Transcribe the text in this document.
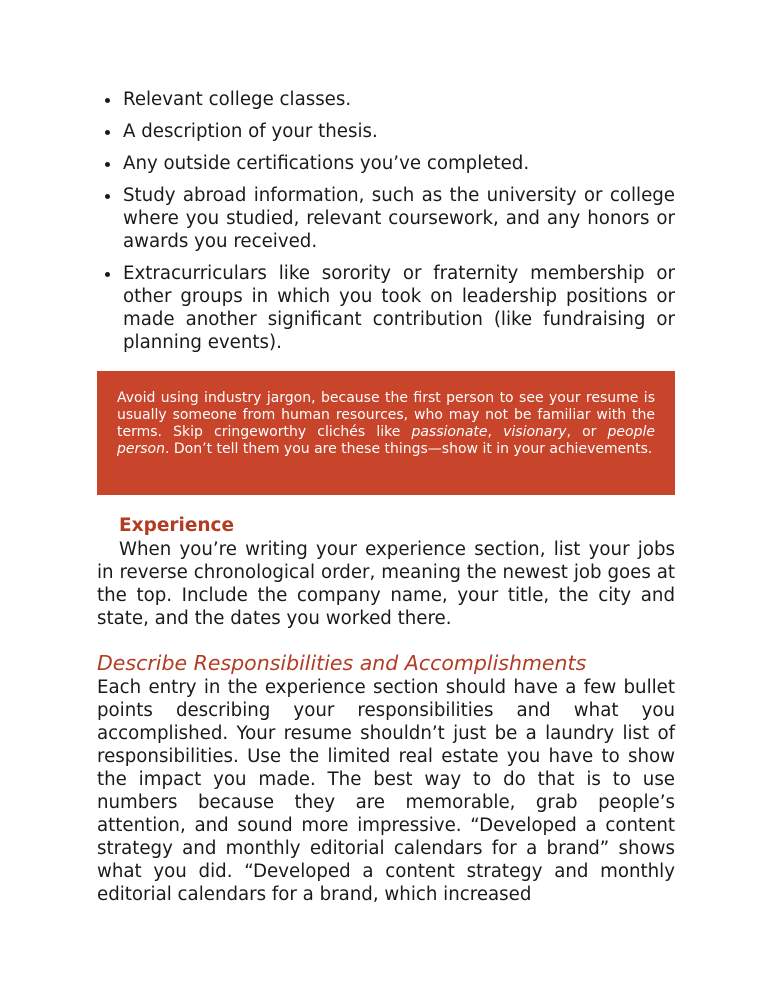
Relevant college classes.
A description of your thesis.
Any outside certifications you’ve completed.
Study abroad information, such as the university or college where you studied, relevant coursework, and any honors or awards you received.
Extracurriculars like sorority or fraternity membership or other groups in which you took on leadership positions or made another significant contribution (like fundraising or planning events).
Avoid using industry jargon, because the first person to see your resume is usually someone from human resources, who may not be familiar with the terms. Skip cringeworthy clichés like passionate, visionary, or people person. Don’t tell them you are these things—show it in your achievements.
Experience

When you’re writing your experience section, list your jobs in reverse chronological order, meaning the newest job goes at the top. Include the company name, your title, the city and state, and the dates you worked there.

Describe Responsibilities and Accomplishments

Each entry in the experience section should have a few bullet points describing your responsibilities and what you accomplished. Your resume shouldn’t just be a laundry list of responsibilities. Use the limited real estate you have to show the impact you made. The best way to do that is to use numbers because they are memorable, grab people’s attention, and sound more impressive. “Developed a content strategy and monthly editorial calendars for a brand” shows what you did. “Developed a content strategy and monthly editorial calendars for a brand, which increased
